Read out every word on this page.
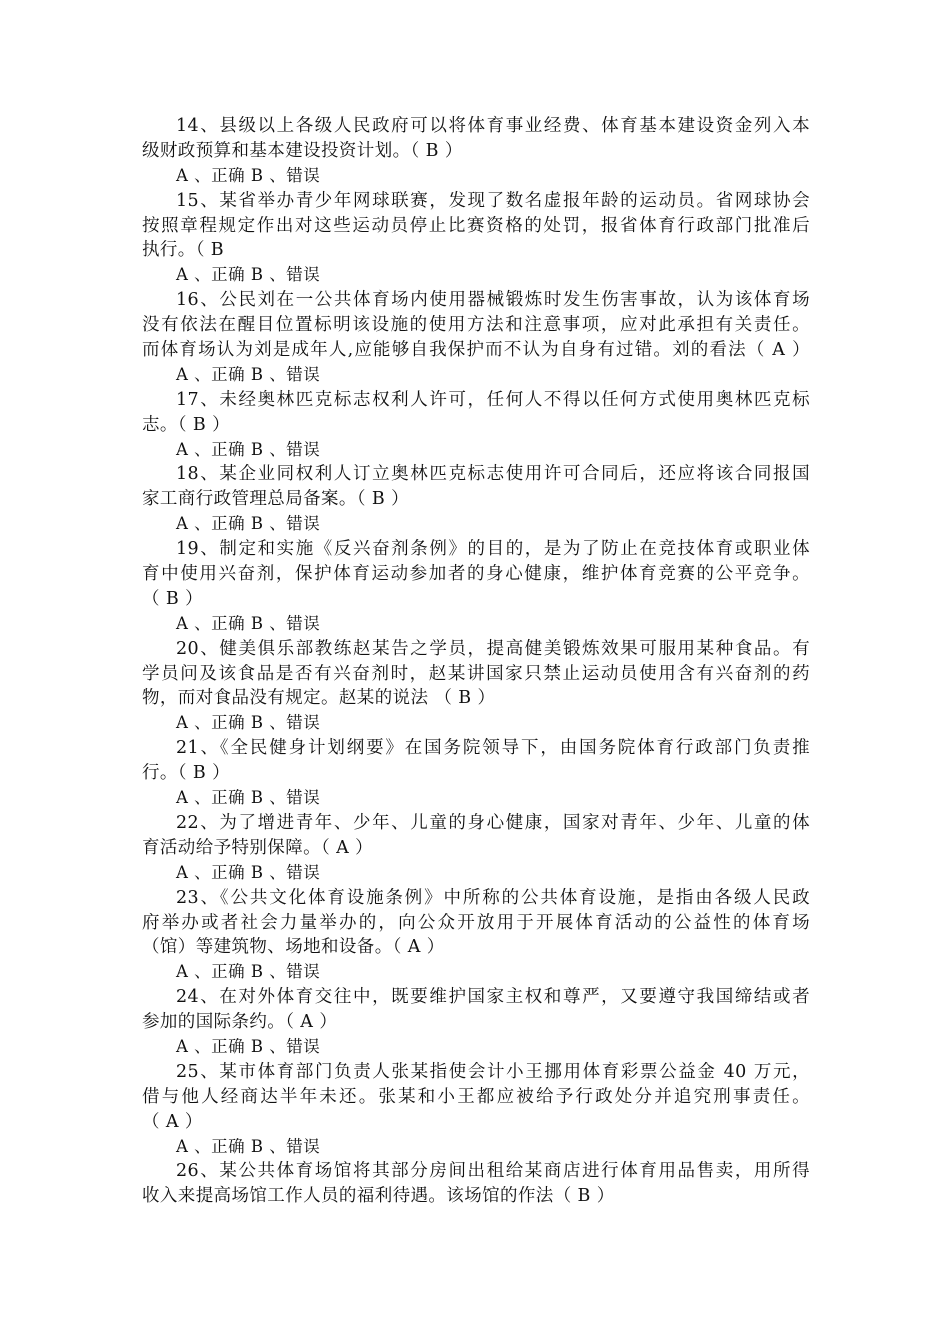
14、县级以上各级人民政府可以将体育事业经费、体育基本建设资金列入本
级财政预算和基本建设投资计划。（ B ）
A 、正确 B 、错误
15、某省举办青少年网球联赛，发现了数名虚报年龄的运动员。省网球协会
按照章程规定作出对这些运动员停止比赛资格的处罚，报省体育行政部门批准后
执行。（ B
A 、正确 B 、错误
16、公民刘在一公共体育场内使用器械锻炼时发生伤害事故，认为该体育场
没有依法在醒目位置标明该设施的使用方法和注意事项，应对此承担有关责任。
而体育场认为刘是成年人,应能够自我保护而不认为自身有过错。刘的看法（ A ）
A 、正确 B 、错误
17、未经奥林匹克标志权利人许可，任何人不得以任何方式使用奥林匹克标
志。（ B ）
A 、正确 B 、错误
18、某企业同权利人订立奥林匹克标志使用许可合同后，还应将该合同报国
家工商行政管理总局备案。（ B ）
A 、正确 B 、错误
19、制定和实施《反兴奋剂条例》的目的，是为了防止在竞技体育或职业体
育中使用兴奋剂，保护体育运动参加者的身心健康，维护体育竞赛的公平竞争。
（ B ）
A 、正确 B 、错误
20、健美俱乐部教练赵某告之学员，提高健美锻炼效果可服用某种食品。有
学员问及该食品是否有兴奋剂时，赵某讲国家只禁止运动员使用含有兴奋剂的药
物，而对食品没有规定。赵某的说法 （ B ）
A 、正确 B 、错误
21、《全民健身计划纲要》在国务院领导下，由国务院体育行政部门负责推
行。（ B ）
A 、正确 B 、错误
22、为了增进青年、少年、儿童的身心健康，国家对青年、少年、儿童的体
育活动给予特别保障。（ A ）
A 、正确 B 、错误
23、《公共文化体育设施条例》中所称的公共体育设施，是指由各级人民政
府举办或者社会力量举办的，向公众开放用于开展体育活动的公益性的体育场
（馆）等建筑物、场地和设备。（ A ）
A 、正确 B 、错误
24、在对外体育交往中，既要维护国家主权和尊严，又要遵守我国缔结或者
参加的国际条约。（ A ）
A 、正确 B 、错误
25、某市体育部门负责人张某指使会计小王挪用体育彩票公益金 40 万元，
借与他人经商达半年未还。张某和小王都应被给予行政处分并追究刑事责任。
（ A ）
A 、正确 B 、错误
26、某公共体育场馆将其部分房间出租给某商店进行体育用品售卖，用所得
收入来提高场馆工作人员的福利待遇。该场馆的作法（ B ）
